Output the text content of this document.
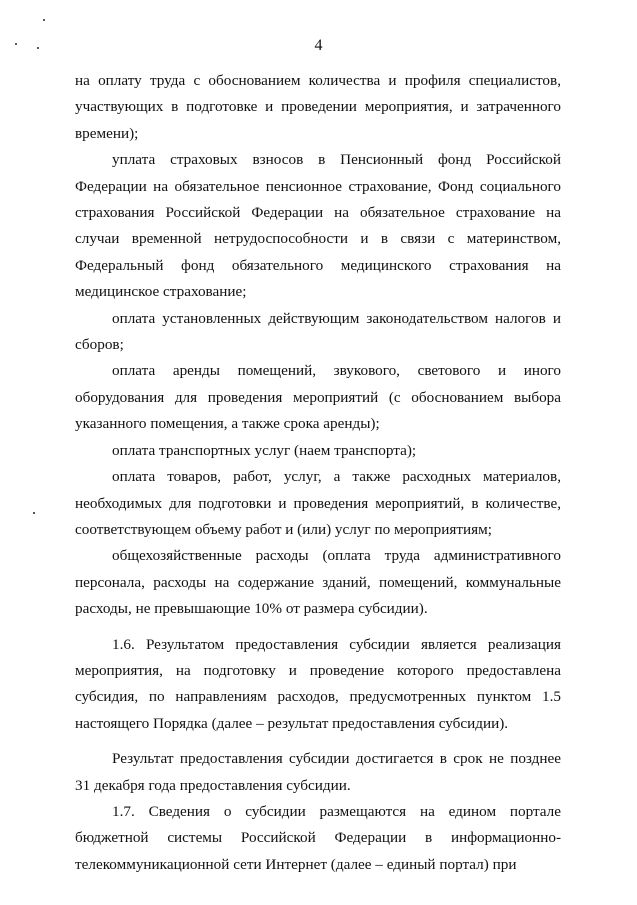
4

на оплату труда с обоснованием количества и профиля специалистов, участвующих в подготовке и проведении мероприятия, и затраченного времени);

уплата страховых взносов в Пенсионный фонд Российской Федерации на обязательное пенсионное страхование, Фонд социального страхования Российской Федерации на обязательное страхование на случаи временной нетрудоспособности и в связи с материнством, Федеральный фонд обязательного медицинского страхования на медицинское страхование;

оплата установленных действующим законодательством налогов и сборов;

оплата аренды помещений, звукового, светового и иного оборудования для проведения мероприятий (с обоснованием выбора указанного помещения, а также срока аренды);

оплата транспортных услуг (наем транспорта);

оплата товаров, работ, услуг, а также расходных материалов, необходимых для подготовки и проведения мероприятий, в количестве, соответствующем объему работ и (или) услуг по мероприятиям;

общехозяйственные расходы (оплата труда административного персонала, расходы на содержание зданий, помещений, коммунальные расходы, не превышающие 10% от размера субсидии).

1.6. Результатом предоставления субсидии является реализация мероприятия, на подготовку и проведение которого предоставлена субсидия, по направлениям расходов, предусмотренных пунктом 1.5 настоящего Порядка (далее – результат предоставления субсидии).

Результат предоставления субсидии достигается в срок не позднее 31 декабря года предоставления субсидии.

1.7. Сведения о субсидии размещаются на едином портале бюджетной системы Российской Федерации в информационно-телекоммуникационной сети Интернет (далее – единый портал) при
